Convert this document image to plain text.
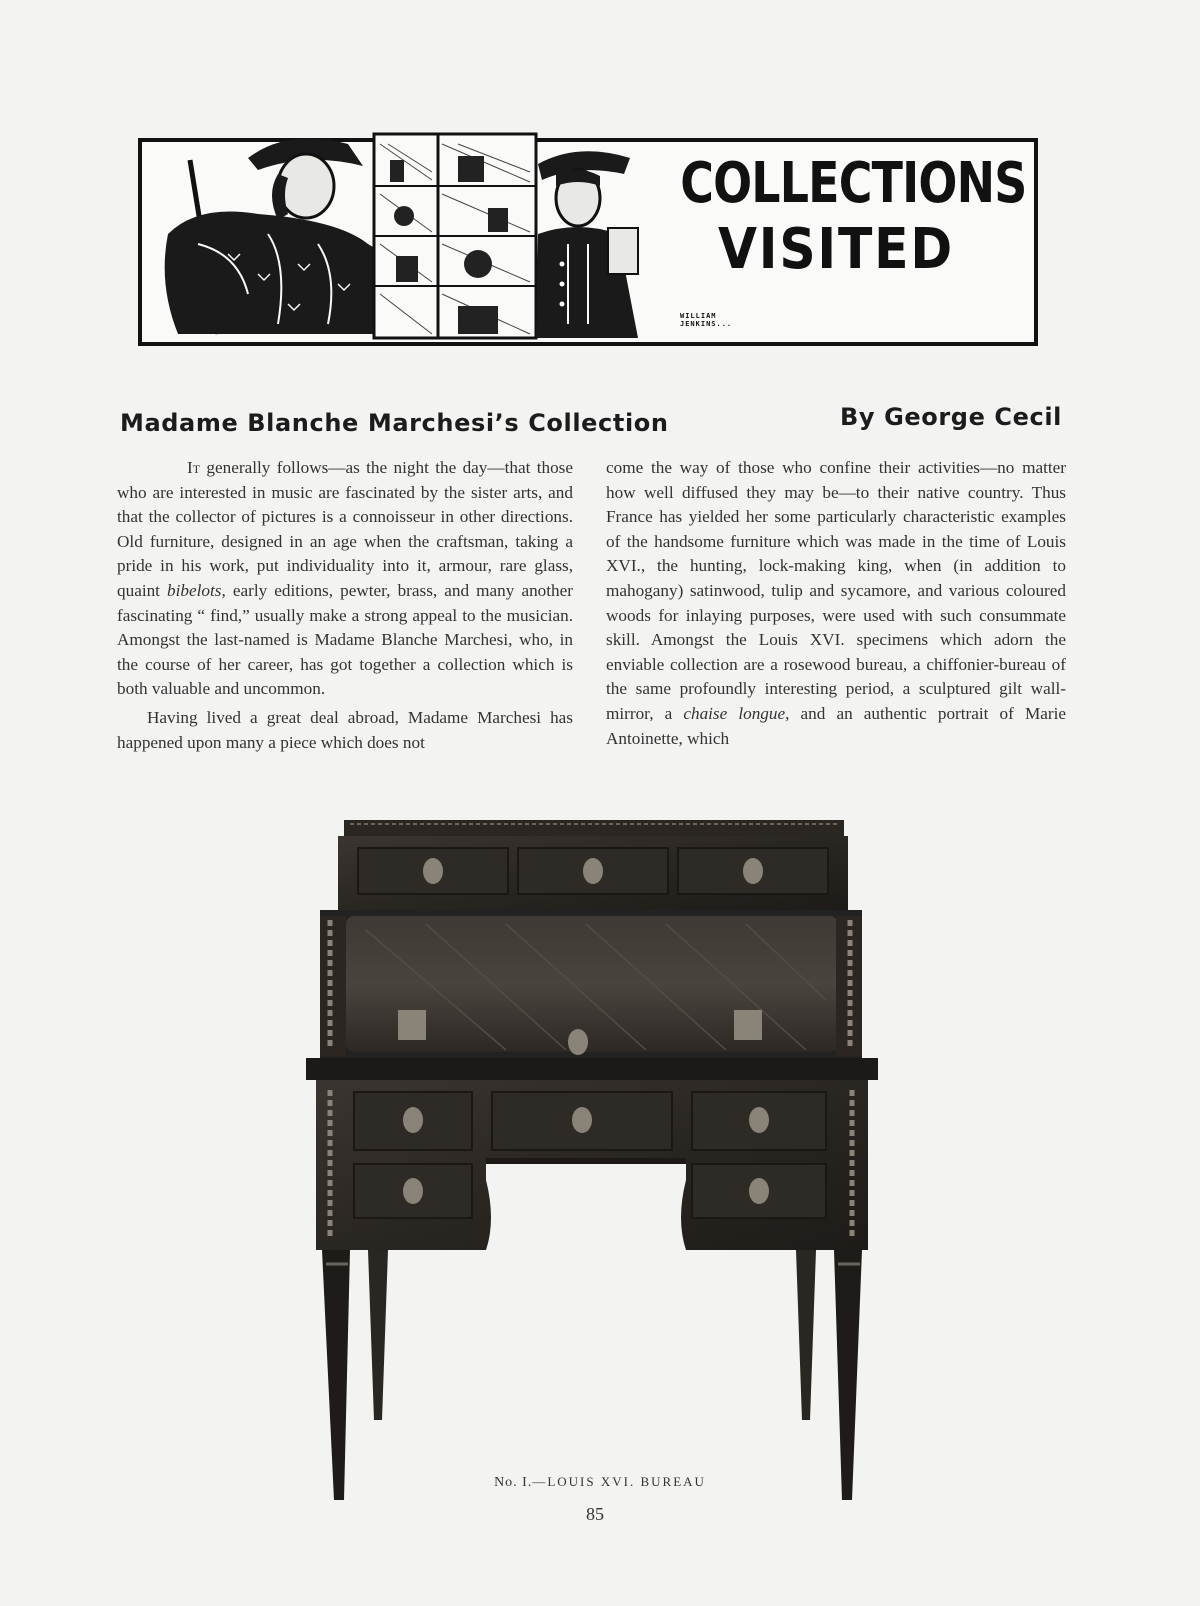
COLLECTIONS
VISITED
WILLIAM
JENKINS...
Madame Blanche Marchesi’s Collection	By George Cecil

It generally follows—as the night the day—that those who are interested in music are fascinated by the sister arts, and that the collector of pictures is a connoisseur in other directions. Old furniture, designed in an age when the craftsman, taking a pride in his work, put individuality into it, armour, rare glass, quaint bibelots, early editions, pewter, brass, and many another fascinating “ find,” usually make a strong appeal to the musician. Amongst the last-named is Madame Blanche Marchesi, who, in the course of her career, has got together a collection which is both valuable and uncommon.

Having lived a great deal abroad, Madame Marchesi has happened upon many a piece which does not

come the way of those who confine their activities—no matter how well diffused they may be—to their native country. Thus France has yielded her some particularly characteristic examples of the handsome furniture which was made in the time of Louis XVI., the hunting, lock-making king, when (in addition to mahogany) satinwood, tulip and sycamore, and various coloured woods for inlaying purposes, were used with such consummate skill. Amongst the Louis XVI. specimens which adorn the enviable collection are a rosewood bureau, a chiffonier-bureau of the same profoundly interesting period, a sculptured gilt wall-mirror, a chaise longue, and an authentic portrait of Marie Antoinette, which

No. I.—LOUIS XVI. BUREAU
85
